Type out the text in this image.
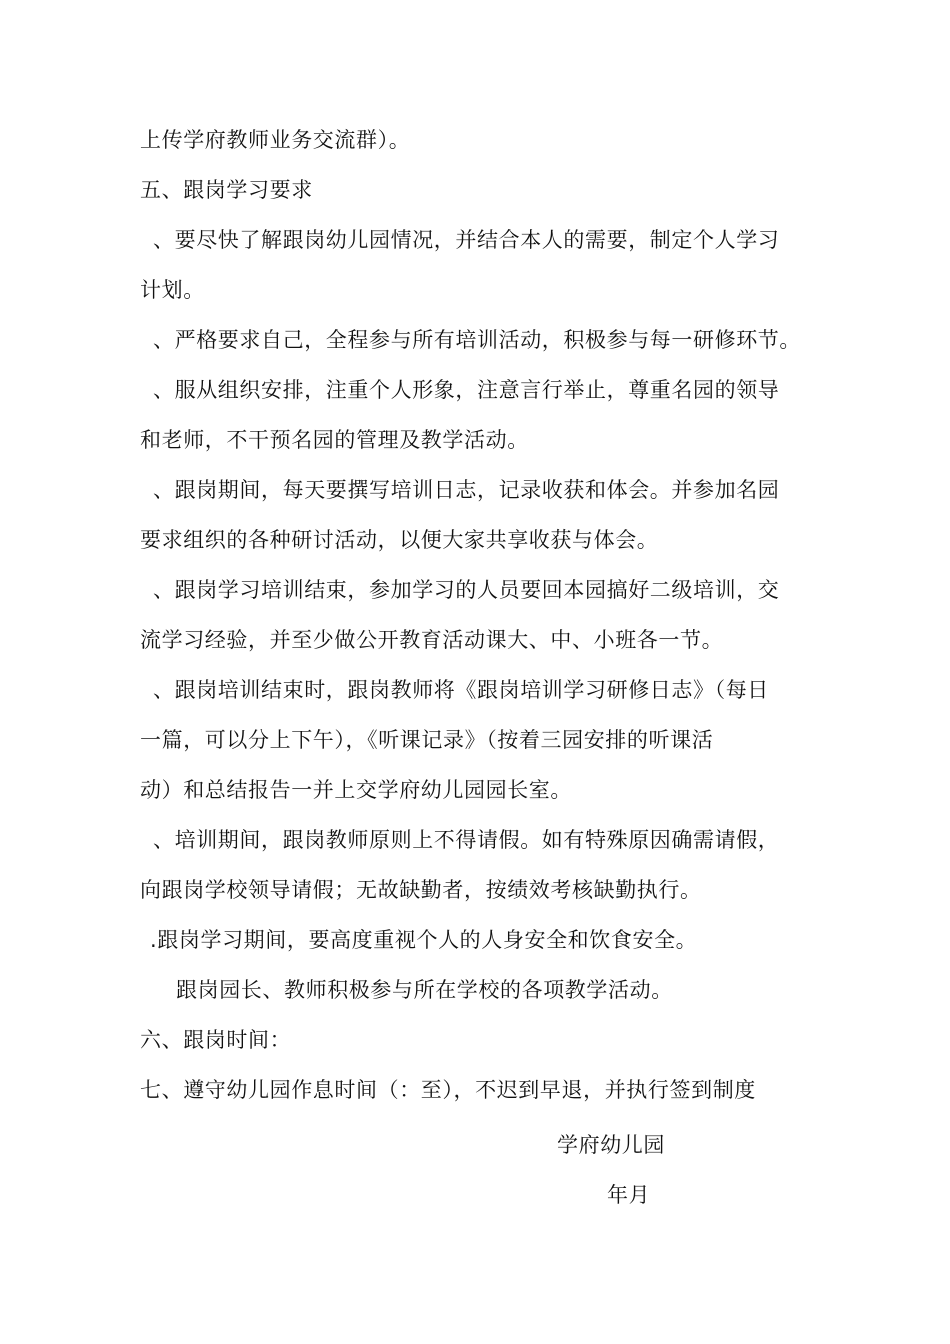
上传学府教师业务交流群）。
五、跟岗学习要求
、要尽快了解跟岗幼儿园情况，并结合本人的需要，制定个人学习
计划。
、严格要求自己，全程参与所有培训活动，积极参与每一研修环节。
、服从组织安排，注重个人形象，注意言行举止，尊重名园的领导
和老师，不干预名园的管理及教学活动。
、跟岗期间，每天要撰写培训日志，记录收获和体会。并参加名园
要求组织的各种研讨活动，以便大家共享收获与体会。
、跟岗学习培训结束，参加学习的人员要回本园搞好二级培训，交
流学习经验，并至少做公开教育活动课大、中、小班各一节。
、跟岗培训结束时，跟岗教师将《跟岗培训学习研修日志》（每日
一篇，可以分上下午），《听课记录》（按着三园安排的听课活
动）和总结报告一并上交学府幼儿园园长室。
、培训期间，跟岗教师原则上不得请假。如有特殊原因确需请假，
向跟岗学校领导请假；无故缺勤者，按绩效考核缺勤执行。
.跟岗学习期间，要高度重视个人的人身安全和饮食安全。
跟岗园长、教师积极参与所在学校的各项教学活动。
六、跟岗时间：
七、遵守幼儿园作息时间（：至），不迟到早退，并执行签到制度
学府幼儿园
年月
